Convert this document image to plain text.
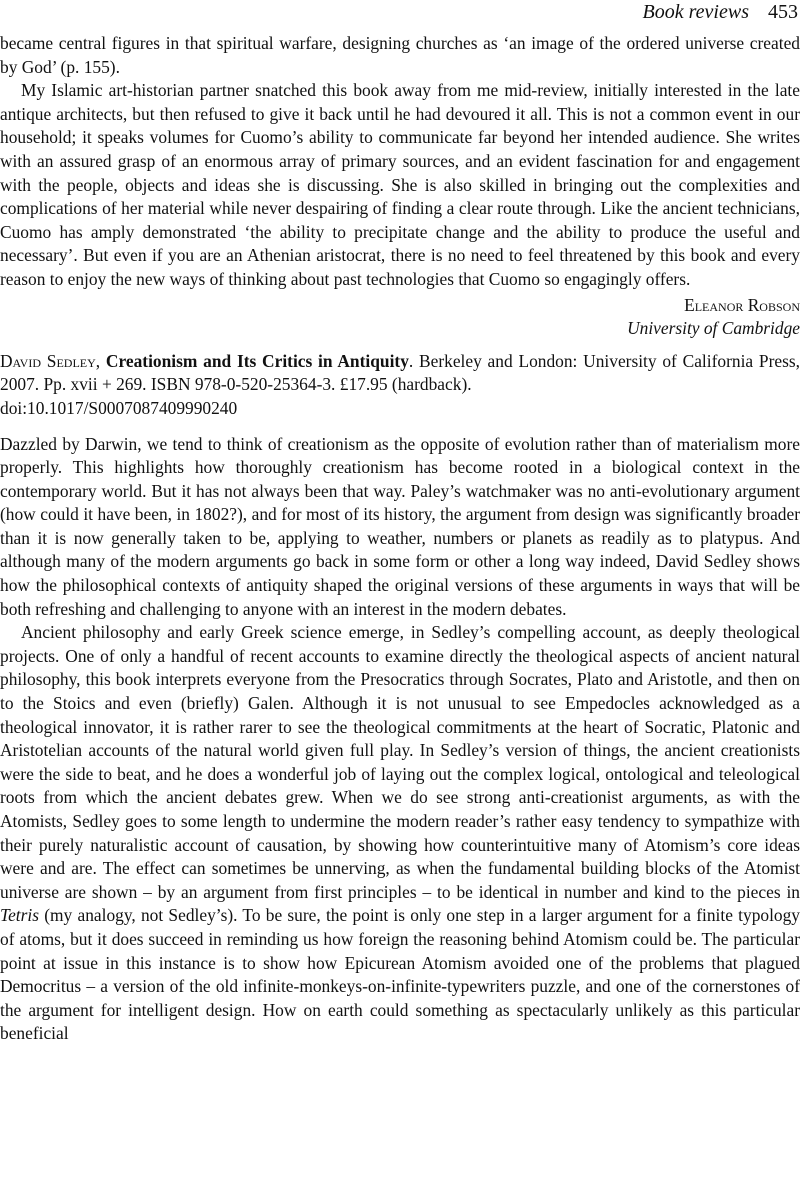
Book reviews 453

became central figures in that spiritual warfare, designing churches as ‘an image of the ordered universe created by God’ (p. 155).

My Islamic art-historian partner snatched this book away from me mid-review, initially interested in the late antique architects, but then refused to give it back until he had devoured it all. This is not a common event in our household; it speaks volumes for Cuomo’s ability to communicate far beyond her intended audience. She writes with an assured grasp of an enormous array of primary sources, and an evident fascination for and engagement with the people, objects and ideas she is discussing. She is also skilled in bringing out the complexities and complications of her material while never despairing of finding a clear route through. Like the ancient technicians, Cuomo has amply demonstrated ‘the ability to precipitate change and the ability to produce the useful and necessary’. But even if you are an Athenian aristocrat, there is no need to feel threatened by this book and every reason to enjoy the new ways of thinking about past technologies that Cuomo so engagingly offers.

Eleanor Robson

University of Cambridge

David Sedley, Creationism and Its Critics in Antiquity. Berkeley and London: University of California Press, 2007. Pp. xvii + 269. ISBN 978-0-520-25364-3. £17.95 (hardback).
doi:10.1017/S0007087409990240

Dazzled by Darwin, we tend to think of creationism as the opposite of evolution rather than of materialism more properly. This highlights how thoroughly creationism has become rooted in a biological context in the contemporary world. But it has not always been that way. Paley’s watchmaker was no anti-evolutionary argument (how could it have been, in 1802?), and for most of its history, the argument from design was significantly broader than it is now generally taken to be, applying to weather, numbers or planets as readily as to platypus. And although many of the modern arguments go back in some form or other a long way indeed, David Sedley shows how the philosophical contexts of antiquity shaped the original versions of these arguments in ways that will be both refreshing and challenging to anyone with an interest in the modern debates.

Ancient philosophy and early Greek science emerge, in Sedley’s compelling account, as deeply theological projects. One of only a handful of recent accounts to examine directly the theological aspects of ancient natural philosophy, this book interprets everyone from the Presocratics through Socrates, Plato and Aristotle, and then on to the Stoics and even (briefly) Galen. Although it is not unusual to see Empedocles acknowledged as a theological innovator, it is rather rarer to see the theological commitments at the heart of Socratic, Platonic and Aristotelian accounts of the natural world given full play. In Sedley’s version of things, the ancient creationists were the side to beat, and he does a wonderful job of laying out the complex logical, ontological and teleological roots from which the ancient debates grew. When we do see strong anti-creationist arguments, as with the Atomists, Sedley goes to some length to undermine the modern reader’s rather easy tendency to sympathize with their purely naturalistic account of causation, by showing how counterintuitive many of Atomism’s core ideas were and are. The effect can sometimes be unnerving, as when the fundamental building blocks of the Atomist universe are shown – by an argument from first principles – to be identical in number and kind to the pieces in Tetris (my analogy, not Sedley’s). To be sure, the point is only one step in a larger argument for a finite typology of atoms, but it does succeed in reminding us how foreign the reasoning behind Atomism could be. The particular point at issue in this instance is to show how Epicurean Atomism avoided one of the problems that plagued Democritus – a version of the old infinite-monkeys-on-infinite-typewriters puzzle, and one of the cornerstones of the argument for intelligent design. How on earth could something as spectacularly unlikely as this particular beneficial
